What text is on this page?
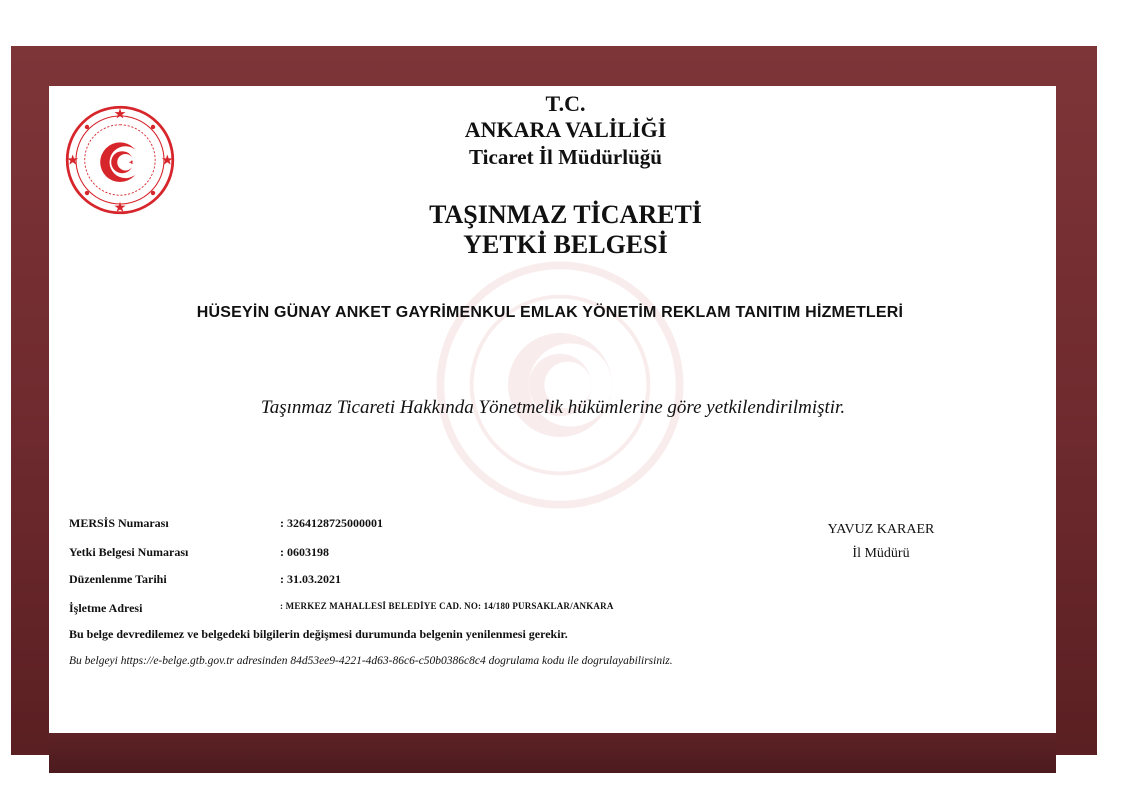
T.C.
ANKARA VALİLİĞİ
Ticaret İl Müdürlüğü
TAŞINMAZ TİCARETİ
YETKİ BELGESİ
HÜSEYİN GÜNAY ANKET GAYRİMENKUL EMLAK YÖNETİM REKLAM TANITIM HİZMETLERİ
Taşınmaz Ticareti Hakkında Yönetmelik hükümlerine göre yetkilendirilmiştir.
MERSİS Numarası	: 3264128725000001
Yetki Belgesi Numarası	: 0603198
Düzenlenme Tarihi	: 31.03.2021
İşletme Adresi	: MERKEZ MAHALLESİ BELEDİYE CAD. NO: 14/180 PURSAKLAR/ANKARA
Bu belge devredilemez ve belgedeki bilgilerin değişmesi durumunda belgenin yenilenmesi gerekir.
Bu belgeyi https://e-belge.gtb.gov.tr adresinden 84d53ee9-4221-4d63-86c6-c50b0386c8c4 dogrulama kodu ile dogrulayabilirsiniz.
YAVUZ KARAER
İl Müdürü
